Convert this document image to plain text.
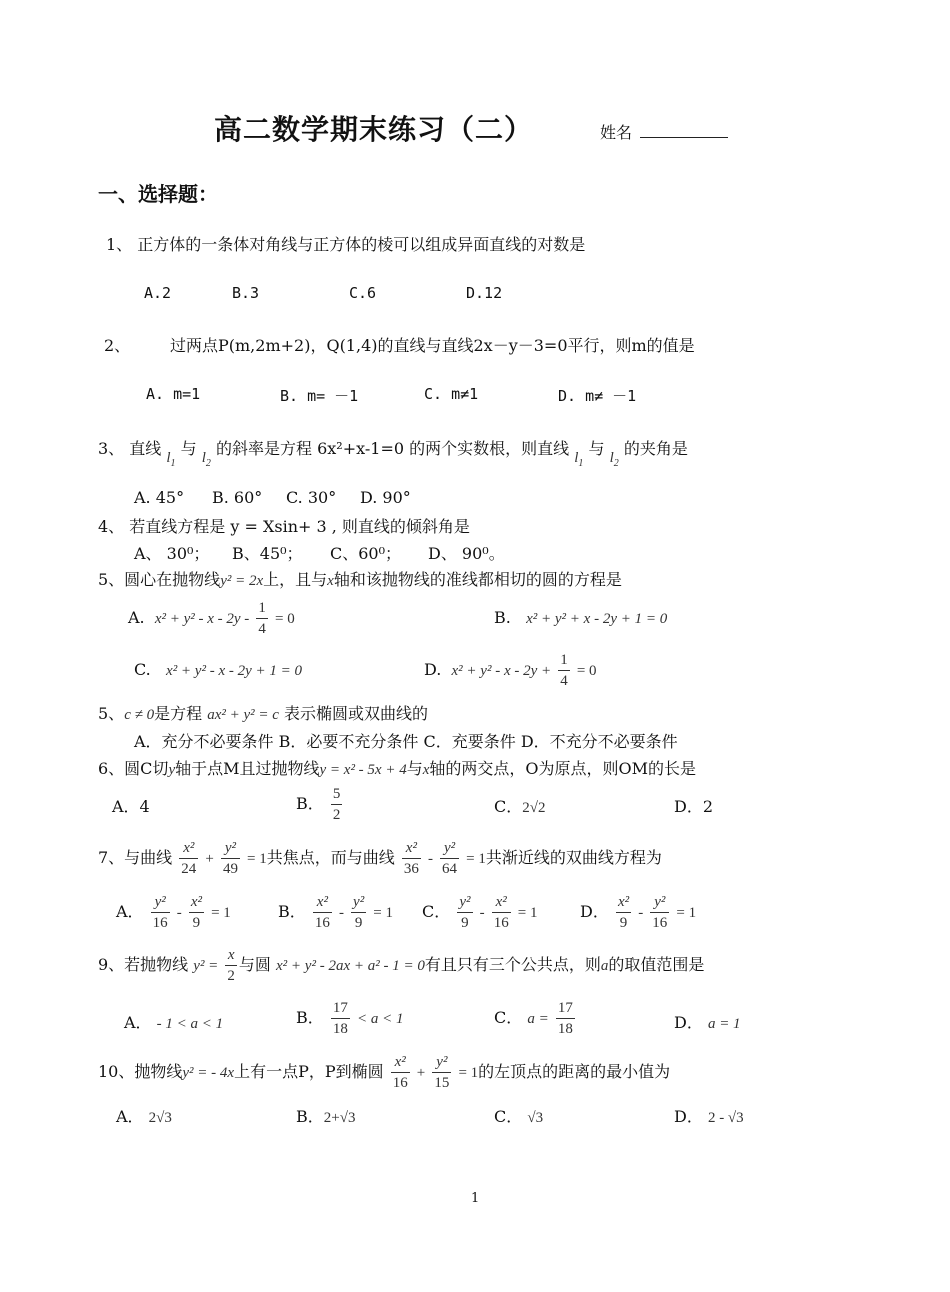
高二数学期末练习（二）	姓名
一、选择题：
1、 正方体的一条体对角线与正方体的棱可以组成异面直线的对数是
A.2	B.3	C.6	D.12
2、 过两点P(m,2m+2)，Q(1,4)的直线与直线2x－y－3=0平行，则m的值是
A. m=1	B. m= －1	C. m≠1	D. m≠ －1
3、 直线 $l_1$ 与 $l_2$ 的斜率是方程 6x²+x-1=0 的两个实数根，则直线 $l_1$ 与 $l_2$ 的夹角是
A. 45° B. 60° C. 30° D. 90°
4、 若直线方程是 y = Xsin+ 3 , 则直线的倾斜角是
A、 30⁰； B、45⁰； C、60⁰； D、 90⁰。
5、圆心在抛物线y² = 2x上，且与x轴和该抛物线的准线都相切的圆的方程是
A. $x^2 + y^2 - x - 2y - \frac{1}{4} = 0$	B. x² + y² + x - 2y + 1 = 0
C. x² + y² - x - 2y + 1 = 0	D. $x^2 + y^2 - x - 2y + \frac{1}{4} = 0$
5、c ≠ 0是方程 ax² + y² = c 表示椭圆或双曲线的
A．充分不必要条件 B．必要不充分条件 C．充要条件 D．不充分不必要条件
6、圆C切y轴于点M且过抛物线y = x² - 5x + 4与x轴的两交点，O为原点，则OM的长是
A．4	B． $\frac{5}{2}$	C．2√2	D．2
7、与曲线 $\frac{\text{x²}}{24} + \frac{\text{y²}}{49} = 1$共焦点，而与曲线 $\frac{\text{x²}}{36} - \frac{\text{y²}}{64} = 1$共渐近线的双曲线方程为
A． $\frac{\text{y²}}{16} - \frac{\text{x²}}{9} = 1$	B． $\frac{\text{x²}}{16} - \frac{\text{y²}}{9} = 1$ C． $\frac{\text{y²}}{9} - \frac{\text{x²}}{16} = 1$	D． $\frac{\text{x²}}{9} - \frac{\text{y²}}{16} = 1$
9、若抛物线 $y^2 = \frac{x}{2}$ 与圆 x² + y² - 2ax + a² - 1 = 0有且只有三个公共点，则a的取值范围是
A． - 1 < a < 1	B． $\frac{17}{18} < a < 1$	C． $a = \frac{17}{18}$	D． a = 1
10、抛物线y² = - 4x上有一点P，P到椭圆 $\frac{\text{x²}}{16} + \frac{\text{y²}}{15} = 1$的左顶点的距离的最小值为
A． 2√3	B．2+√3	C． √3	D． 2 - √3
1
